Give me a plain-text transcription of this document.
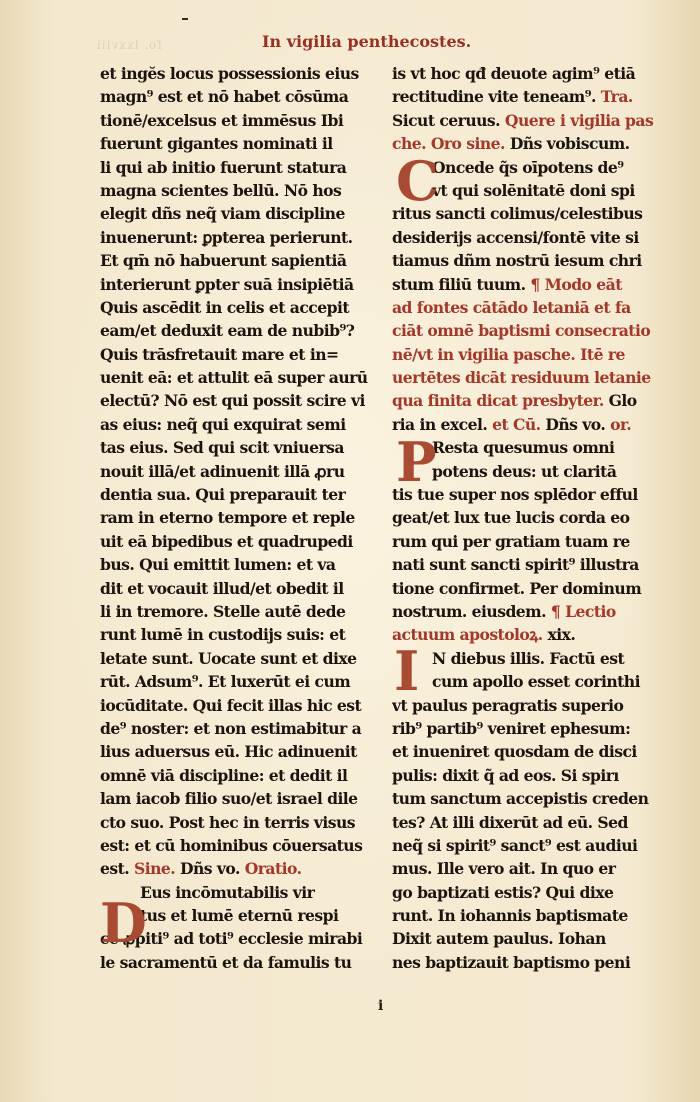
fo. lxxviii	In vigilia penthecostes.
D
et ingĕs locus possessionis eius
magn⁹ est et nō habet cōsūma
tionē/excelsus et immēsus Ibi
fuerunt gigantes nominati il
li qui ab initio fuerunt statura
magna scientes bellū. Nō hos
elegit dñs neq̃ viam discipline
inuenerunt: ꝑpterea perierunt.
Et qm̄ nō habuerunt sapientiā
interierunt ꝑpter suā insipiētiā
Quis ascēdit in celis et accepit
eam/et deduxit eam de nubib⁹?
Quis trāsfretauit mare et in=
uenit eā: et attulit eā super aurū
electū? Nō est qui possit scire vi
as eius: neq̃ qui exquirat semi
tas eius. Sed qui scit vniuersa
nouit illā/et adinuenit illā ꝓru
dentia sua. Qui preparauit ter
ram in eterno tempore et reple
uit eā bipedibus et quadrupedi
bus. Qui emittit lumen: et va
dit et vocauit illud/et obedit il
li in tremore. Stelle autē dede
runt lumē in custodijs suis: et
letate sunt. Uocate sunt et dixe
rūt. Adsum⁹. Et luxerūt ei cum
iocūditate. Qui fecit illas hic est
de⁹ noster: et non estimabitur a
lius aduersus eū. Hic adinuenit
omnē viā discipline: et dedit il
lam iacob filio suo/et israel dile
cto suo. Post hec in terris visus
est: et cū hominibus cōuersatus
est. Sine. Dñs vo. Oratio.
Eus incōmutabilis vir
tus et lumē eternū respi
ce ꝓpiti⁹ ad toti⁹ ecclesie mirabi
le sacramentū et da famulis tu
C
P
I
is vt hoc qđ deuote agim⁹ etiā
rectitudine vite teneam⁹. Tra.
Sicut ceruus. Quere i vigilia pas
che. Oro sine. Dñs vobiscum.
Oncede q̃s oīpotens de⁹
vt qui solēnitatē doni spi
ritus sancti colimus/celestibus
desiderijs accensi/fontē vite si
tiamus dñm nostrū iesum chri
stum filiū tuum. ¶ Modo eāt
ad fontes cātādo letaniā et fa
ciāt omnē baptismi consecratio
nē/vt in vigilia pasche. Itē re
uertētes dicāt residuum letanie
qua finita dicat presbyter. Glo
ria in excel. et Cū. Dñs vo. or.
Resta quesumus omni
potens deus: ut claritā
tis tue super nos splēdor efful
geat/et lux tue lucis corda eo
rum qui per gratiam tuam re
nati sunt sancti spirit⁹ illustra
tione confirmet. Per dominum
nostrum. eiusdem. ¶ Lectio
actuum apostoloꝝ. xix.
N diebus illis. Factū est
cum apollo esset corinthi
vt paulus peragratis superio
rib⁹ partib⁹ veniret ephesum:
et inueniret quosdam de disci
pulis: dixit q̃ ad eos. Si spirı
tum sanctum accepistis creden
tes? At illi dixerūt ad eū. Sed
neq̃ si spirit⁹ sanct⁹ est audiui
mus. Ille vero ait. In quo er
go baptizati estis? Qui dixe
runt. In iohannis baptismate
Dixit autem paulus. Iohan
nes baptizauit baptismo peni
i
